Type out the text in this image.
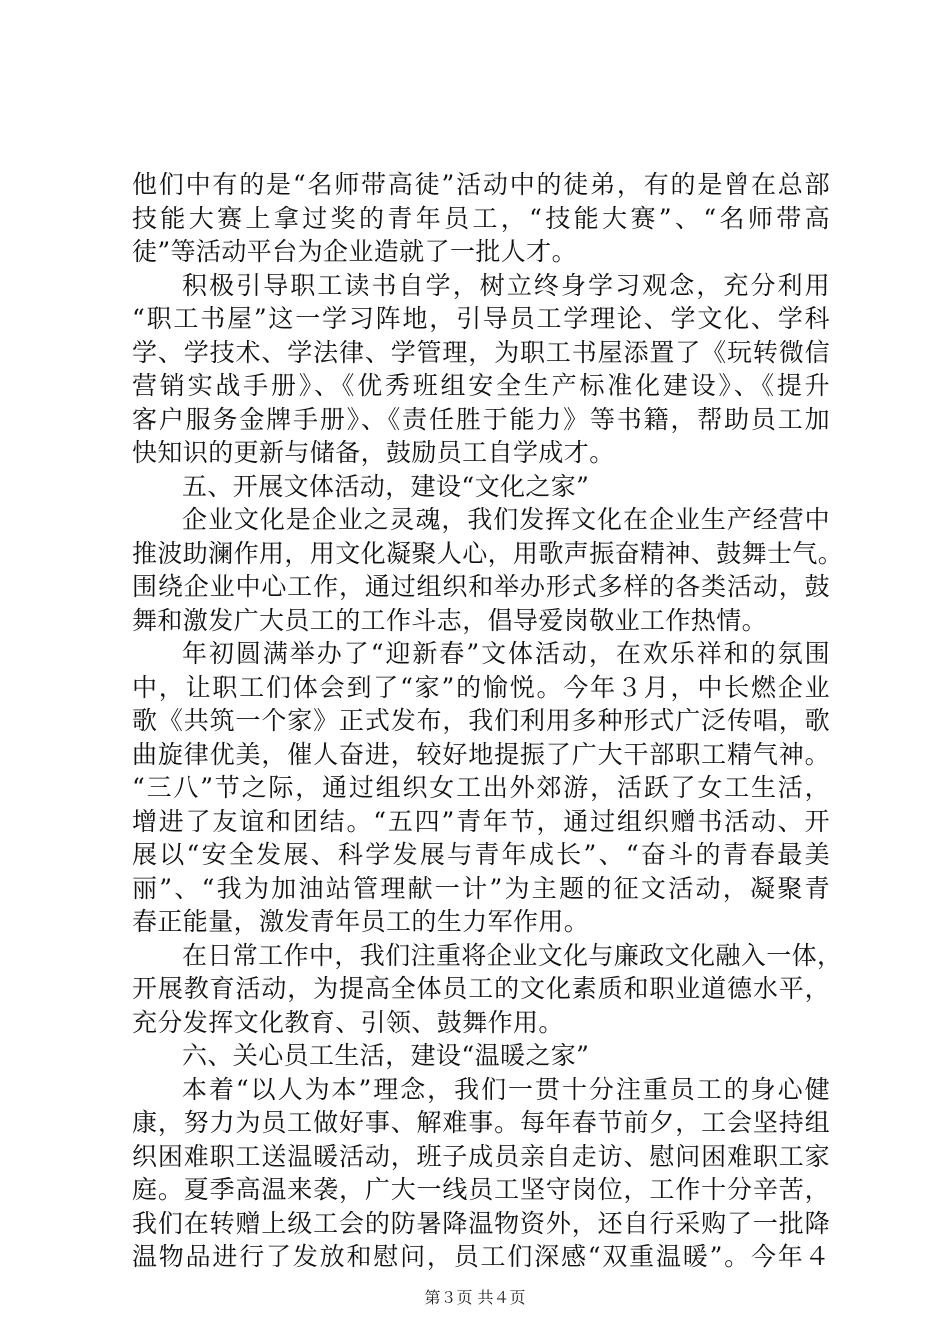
他们中有的是“名师带高徒”活动中的徒弟，有的是曾在总部
技能大赛上拿过奖的青年员工，“技能大赛”、“名师带高
徒”等活动平台为企业造就了一批人才。
积极引导职工读书自学，树立终身学习观念，充分利用
“职工书屋”这一学习阵地，引导员工学理论、学文化、学科
学、学技术、学法律、学管理，为职工书屋添置了《玩转微信
营销实战手册》、《优秀班组安全生产标准化建设》、《提升
客户服务金牌手册》、《责任胜于能力》等书籍，帮助员工加
快知识的更新与储备，鼓励员工自学成才。
五、开展文体活动，建设“文化之家”
企业文化是企业之灵魂，我们发挥文化在企业生产经营中
推波助澜作用，用文化凝聚人心，用歌声振奋精神、鼓舞士气。
围绕企业中心工作，通过组织和举办形式多样的各类活动，鼓
舞和激发广大员工的工作斗志，倡导爱岗敬业工作热情。
年初圆满举办了“迎新春”文体活动，在欢乐祥和的氛围
中，让职工们体会到了“家”的愉悦。今年３月，中长燃企业
歌《共筑一个家》正式发布，我们利用多种形式广泛传唱，歌
曲旋律优美，催人奋进，较好地提振了广大干部职工精气神。
“三八”节之际，通过组织女工出外郊游，活跃了女工生活，
增进了友谊和团结。“五四”青年节，通过组织赠书活动、开
展以“安全发展、科学发展与青年成长”、“奋斗的青春最美
丽”、“我为加油站管理献一计”为主题的征文活动，凝聚青
春正能量，激发青年员工的生力军作用。
在日常工作中，我们注重将企业文化与廉政文化融入一体，
开展教育活动，为提高全体员工的文化素质和职业道德水平，
充分发挥文化教育、引领、鼓舞作用。
六、关心员工生活，建设“温暖之家”
本着“以人为本”理念，我们一贯十分注重员工的身心健
康，努力为员工做好事、解难事。每年春节前夕，工会坚持组
织困难职工送温暖活动，班子成员亲自走访、慰问困难职工家
庭。夏季高温来袭，广大一线员工坚守岗位，工作十分辛苦，
我们在转赠上级工会的防暑降温物资外，还自行采购了一批降
温物品进行了发放和慰问，员工们深感“双重温暖”。今年４
第３页 共４页
